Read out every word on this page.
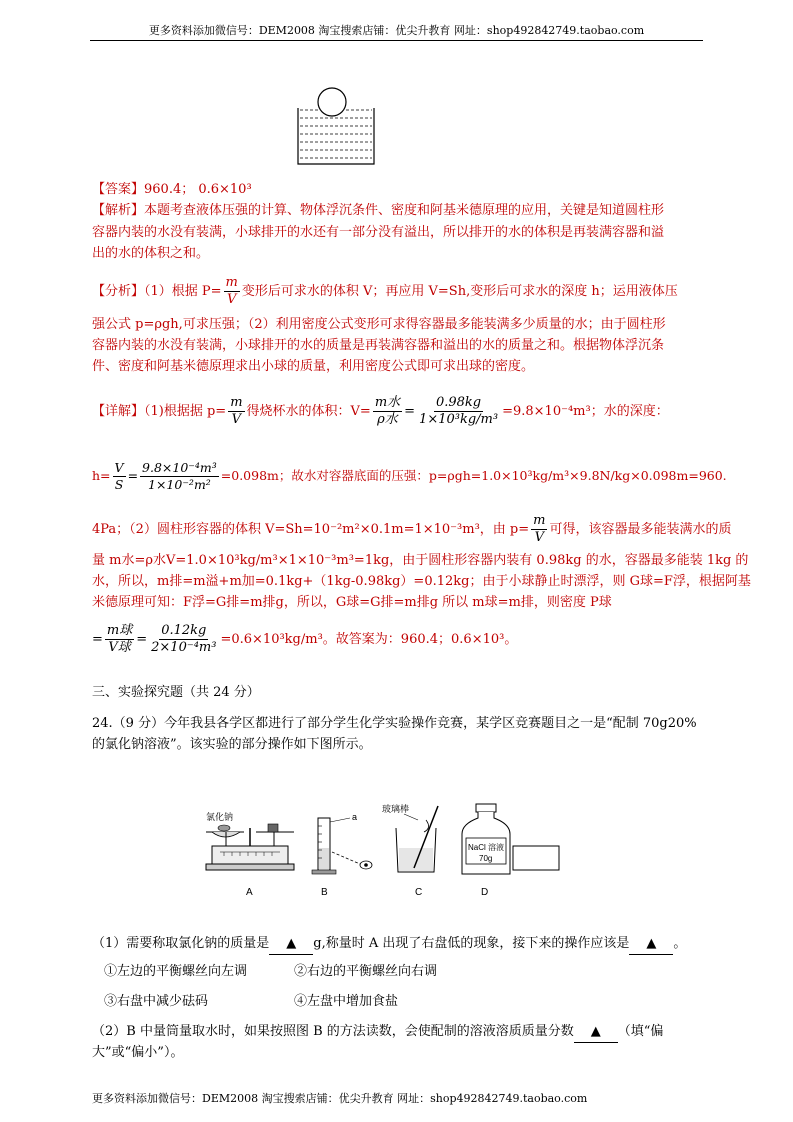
更多资料添加微信号：DEM2008 淘宝搜索店铺：优尖升教育 网址：shop492842749.taobao.com
【答案】960.4； 0.6×10³
【解析】本题考查液体压强的计算、物体浮沉条件、密度和阿基米德原理的应用，关键是知道圆柱形
容器内装的水没有装满，小球排开的水还有一部分没有溢出，所以排开的水的体积是再装满容器和溢
出的水的体积之和。
【分析】（1）根据 $P= \frac{m}{V}$ 变形后可求水的体积 V；再应用 V=Sh,变形后可求水的深度 h；运用液体压
强公式 p=ρgh,可求压强；（2）利用密度公式变形可求得容器最多能装满多少质量的水；由于圆柱形
容器内装的水没有装满，小球排开的水的质量是再装满容器和溢出的水的质量之和。根据物体浮沉条
件、密度和阿基米德原理求出小球的质量，利用密度公式即可求出球的密度。
【详解】（1)根据据 $p= \frac{m}{V}$ 得烧杯水的体积：$V= \frac{\text{m水}}{\text{ρ水}} = \frac{0.98kg}{\text{1×10³kg/m³}} =9.8\times 10^{-4}m^3$；水的深度：
$h= \frac{V}{S} = \frac{\text{9.8×10⁻⁴m³}}{\text{1×10⁻²m²}} =0.098m$；故水对容器底面的压强：p=ρgh=1.0×10³kg/m³×9.8N/kg×0.098m=960.
4Pa；（2）圆柱形容器的体积 V=Sh=10⁻²m²×0.1m=1×10⁻³m³，由 $p= \frac{m}{V}$ 可得，该容器最多能装满水的质
量 m水=ρ水V=1.0×10³kg/m³×1×10⁻³m³=1kg，由于圆柱形容器内装有 0.98kg 的水，容器最多能装 1kg 的
水，所以，m排=m溢+m加=0.1kg+（1kg-0.98kg）=0.12kg；由于小球静止时漂浮，则 G球=F浮，根据阿基
米德原理可知：F浮=G排=m排g，所以，G球=G排=m排g 所以 m球=m排，则密度 P球
= $\frac{\text{m球}}{\text{V球}} = \frac{0.12kg}{\text{2×10⁻⁴m³}} =0.6\times 10^3kg/m^3$。故答案为：960.4；0.6×10³。
三、实验探究题（共 24 分）
24.（9 分）今年我县各学区都进行了部分学生化学实验操作竞赛，某学区竞赛题目之一是“配制 70g20%
的氯化钠溶液”。该实验的部分操作如下图所示。
氯化钠
A
a
B
玻璃棒
C
NaCl 溶液
70g
D
（1）需要称取氯化钠的质量是 ▲ g,称量时 A 出现了右盘低的现象，接下来的操作应该是 ▲ 。
①左边的平衡螺丝向左调	②右边的平衡螺丝向右调
③右盘中减少砝码	④左盘中增加食盐
（2）B 中量筒量取水时，如果按照图 B 的方法读数，会使配制的溶液溶质质量分数 ▲ （填“偏
大”或“偏小”）。
更多资料添加微信号：DEM2008 淘宝搜索店铺：优尖升教育 网址：shop492842749.taobao.com
